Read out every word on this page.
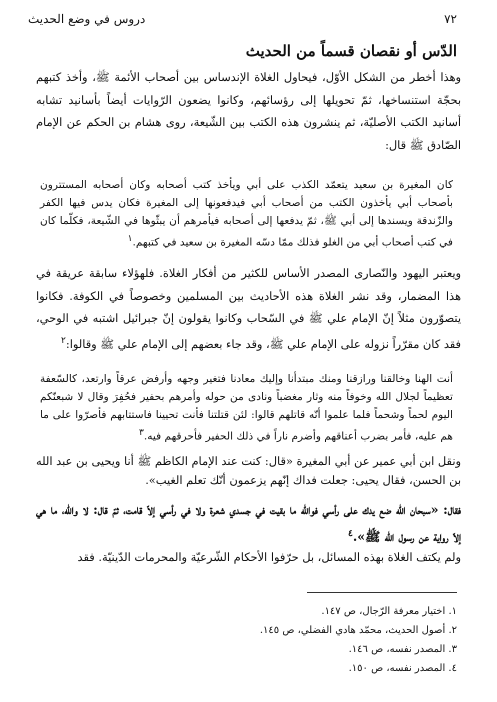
٧٢
دروس في وضع الحديث
الدّس أو نقصان قسماً من الحديث

وهذا أخطر من الشكل الأوّل، فيحاول الغلاة الإندساس بين أصحاب الأئمة ﷺ، وأخذ كتبهم بحجّة استنساخها، ثمّ تحويلها إلى رؤسائهم، وكانوا يضعون الرّوايات أيضاً بأسانيد تشابه أسانيد الكتب الأصليّة، ثم ينشرون هذه الكتب بين الشّيعة، روى هشام بن الحكم عن الإمام الصّادق ﷺ قال:

كان المغيرة بن سعيد يتعمّد الكذب على أبي ويأخذ كتب أصحابه وكان أصحابه المستترون بأصحاب أبي يأخذون الكتب من أصحاب أبي فيدفعونها إلى المغيرة فكان يدس فيها الكفر والزّندقة ويسندها إلى أبي ﷺ، ثمّ يدفعها إلى أصحابه فيأمرهم أن يبثّوها في الشّيعة، فكلّما كان في كتب أصحاب أبي من الغلو فذلك ممّا دسّه المغيرة بن سعيد في كتبهم.$^١$

ويعتبر اليهود والنّصارى المصدر الأساس للكثير من أفكار الغلاة. فلهؤلاء سابقة عريقة في هذا المضمار، وقد نشر الغلاة هذه الأحاديث بين المسلمين وخصوصاً في الكوفة. فكانوا يتصوّرون مثلاً إنّ الإمام علي ﷺ في السّحاب وكانوا يقولون إنّ جبرائيل اشتبه في الوحي، فقد كان مقرّراً نزوله على الإمام علي ﷺ، وقد جاء بعضهم إلى الإمام علي ﷺ وقالوا:$^٢$

أنت الهنا وخالقنا ورازقنا ومنك مبتدأنا وإليك معادنا فتغير وجهه وأرفض عرقاً وارتعد، كالسّعفة تعظيماً لجلال الله وخوفاً منه وثار مغضباً ونادى من حوله وأمرهم بحفير فحُفِرَ وقال لا شبعنّكم اليوم لحماً وشحماً فلما علموا أنّه قاتلهم قالوا: لئن قتلتنا فأنت تحيينا فاستتابهم فأصرّوا على ما هم عليه، فأمر بضرب أعناقهم وأضرم ناراً في ذلك الحفير فأحرقهم فيه.$^٣$

ونقل ابن أبي عمير عن أبي المغيرة «قال: كنت عند الإمام الكاظم ﷺ أنا ويحيى بن عبد الله بن الحسن، فقال يحيى: جعلت فداك إنّهم يزعمون أنّك تعلم الغيب».

فقال: «سبحان الله ضع يدك على رأسي فوالله ما بقيت في جسدي شعرة ولا في رأسي إلاّ قامت، ثمّ قال: لا والله، ما هي إلاّ رواية عن رسول الله ﷺ».$^٤$

ولم يكتف الغلاة بهذه المسائل، بل حرّفوا الأحكام الشّرعيّة والمحرمات الدّينيّة. فقد

١. اختيار معرفة الرّجال، ص ١٤٧.
٢. أصول الحديث، محمّد هادي الفضلي، ص ١٤٥.
٣. المصدر نفسه، ص ١٤٦.
٤. المصدر نفسه، ص ١٥٠.
